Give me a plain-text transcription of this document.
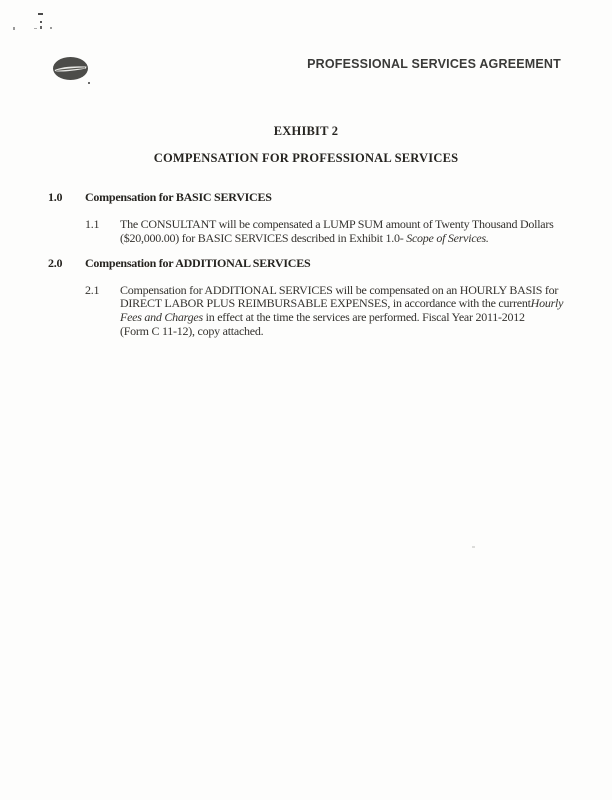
PROFESSIONAL SERVICES AGREEMENT
EXHIBIT 2
COMPENSATION FOR PROFESSIONAL SERVICES
1.0	Compensation for BASIC SERVICES
1.1	The CONSULTANT will be compensated a LUMP SUM amount of Twenty Thousand Dollars
($20,000.00) for BASIC SERVICES described in Exhibit 1.0- Scope of Services.
2.0	Compensation for ADDITIONAL SERVICES
2.1	Compensation for ADDITIONAL SERVICES will be compensated on an HOURLY BASIS for
DIRECT LABOR PLUS REIMBURSABLE EXPENSES, in accordance with the currentHourly
Fees and Charges in effect at the time the services are performed. Fiscal Year 2011-2012
(Form C 11-12), copy attached.
